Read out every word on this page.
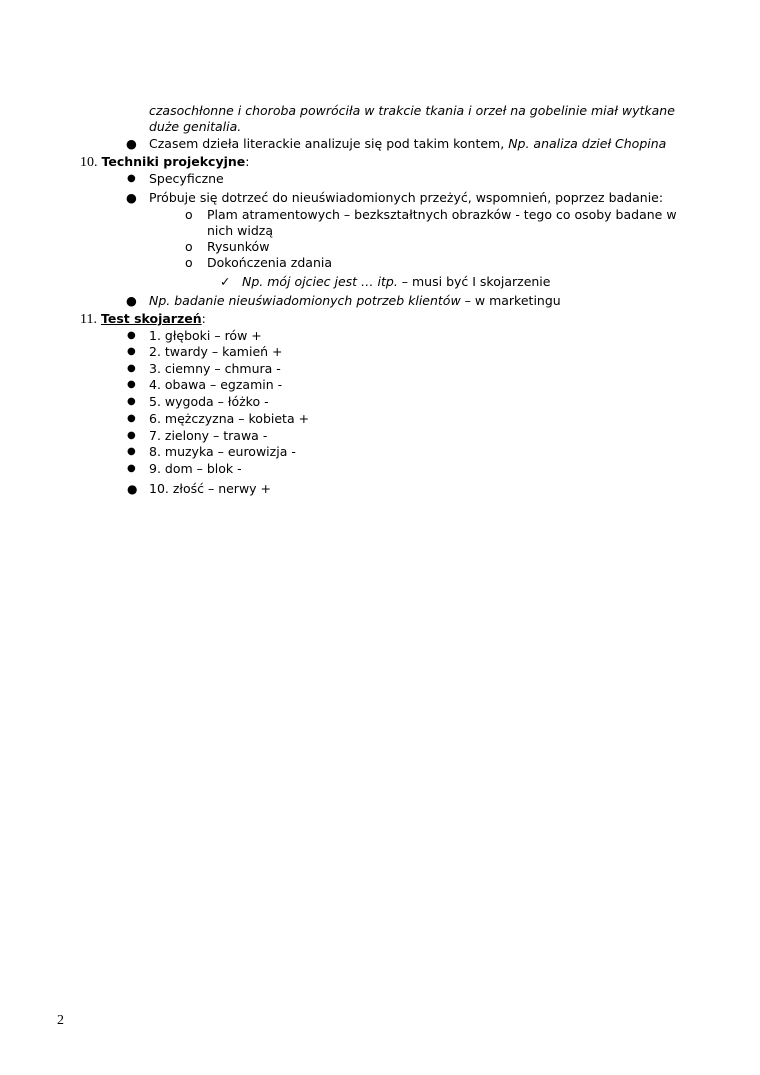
czasochłonne i choroba powróciła w trakcie tkania i orzeł na gobelinie miał wytkane
duże genitalia.
● Czasem dzieła literackie analizuje się pod takim kontem, Np. analiza dzieł Chopina
10. Techniki projekcyjne:
● Specyficzne
● Próbuje się dotrzeć do nieuświadomionych przeżyć, wspomnień, poprzez badanie:
o Plam atramentowych – bezkształtnych obrazków - tego co osoby badane w
nich widzą
o Rysunków
o Dokończenia zdania
✓ Np. mój ojciec jest … itp. – musi być I skojarzenie
● Np. badanie nieuświadomionych potrzeb klientów – w marketingu
11. Test skojarzeń:
● 1. głęboki – rów +
● 2. twardy – kamień +
● 3. ciemny – chmura -
● 4. obawa – egzamin -
● 5. wygoda – łóżko -
● 6. mężczyzna – kobieta +
● 7. zielony – trawa -
● 8. muzyka – eurowizja -
● 9. dom – blok -
● 10. złość – nerwy +
2
